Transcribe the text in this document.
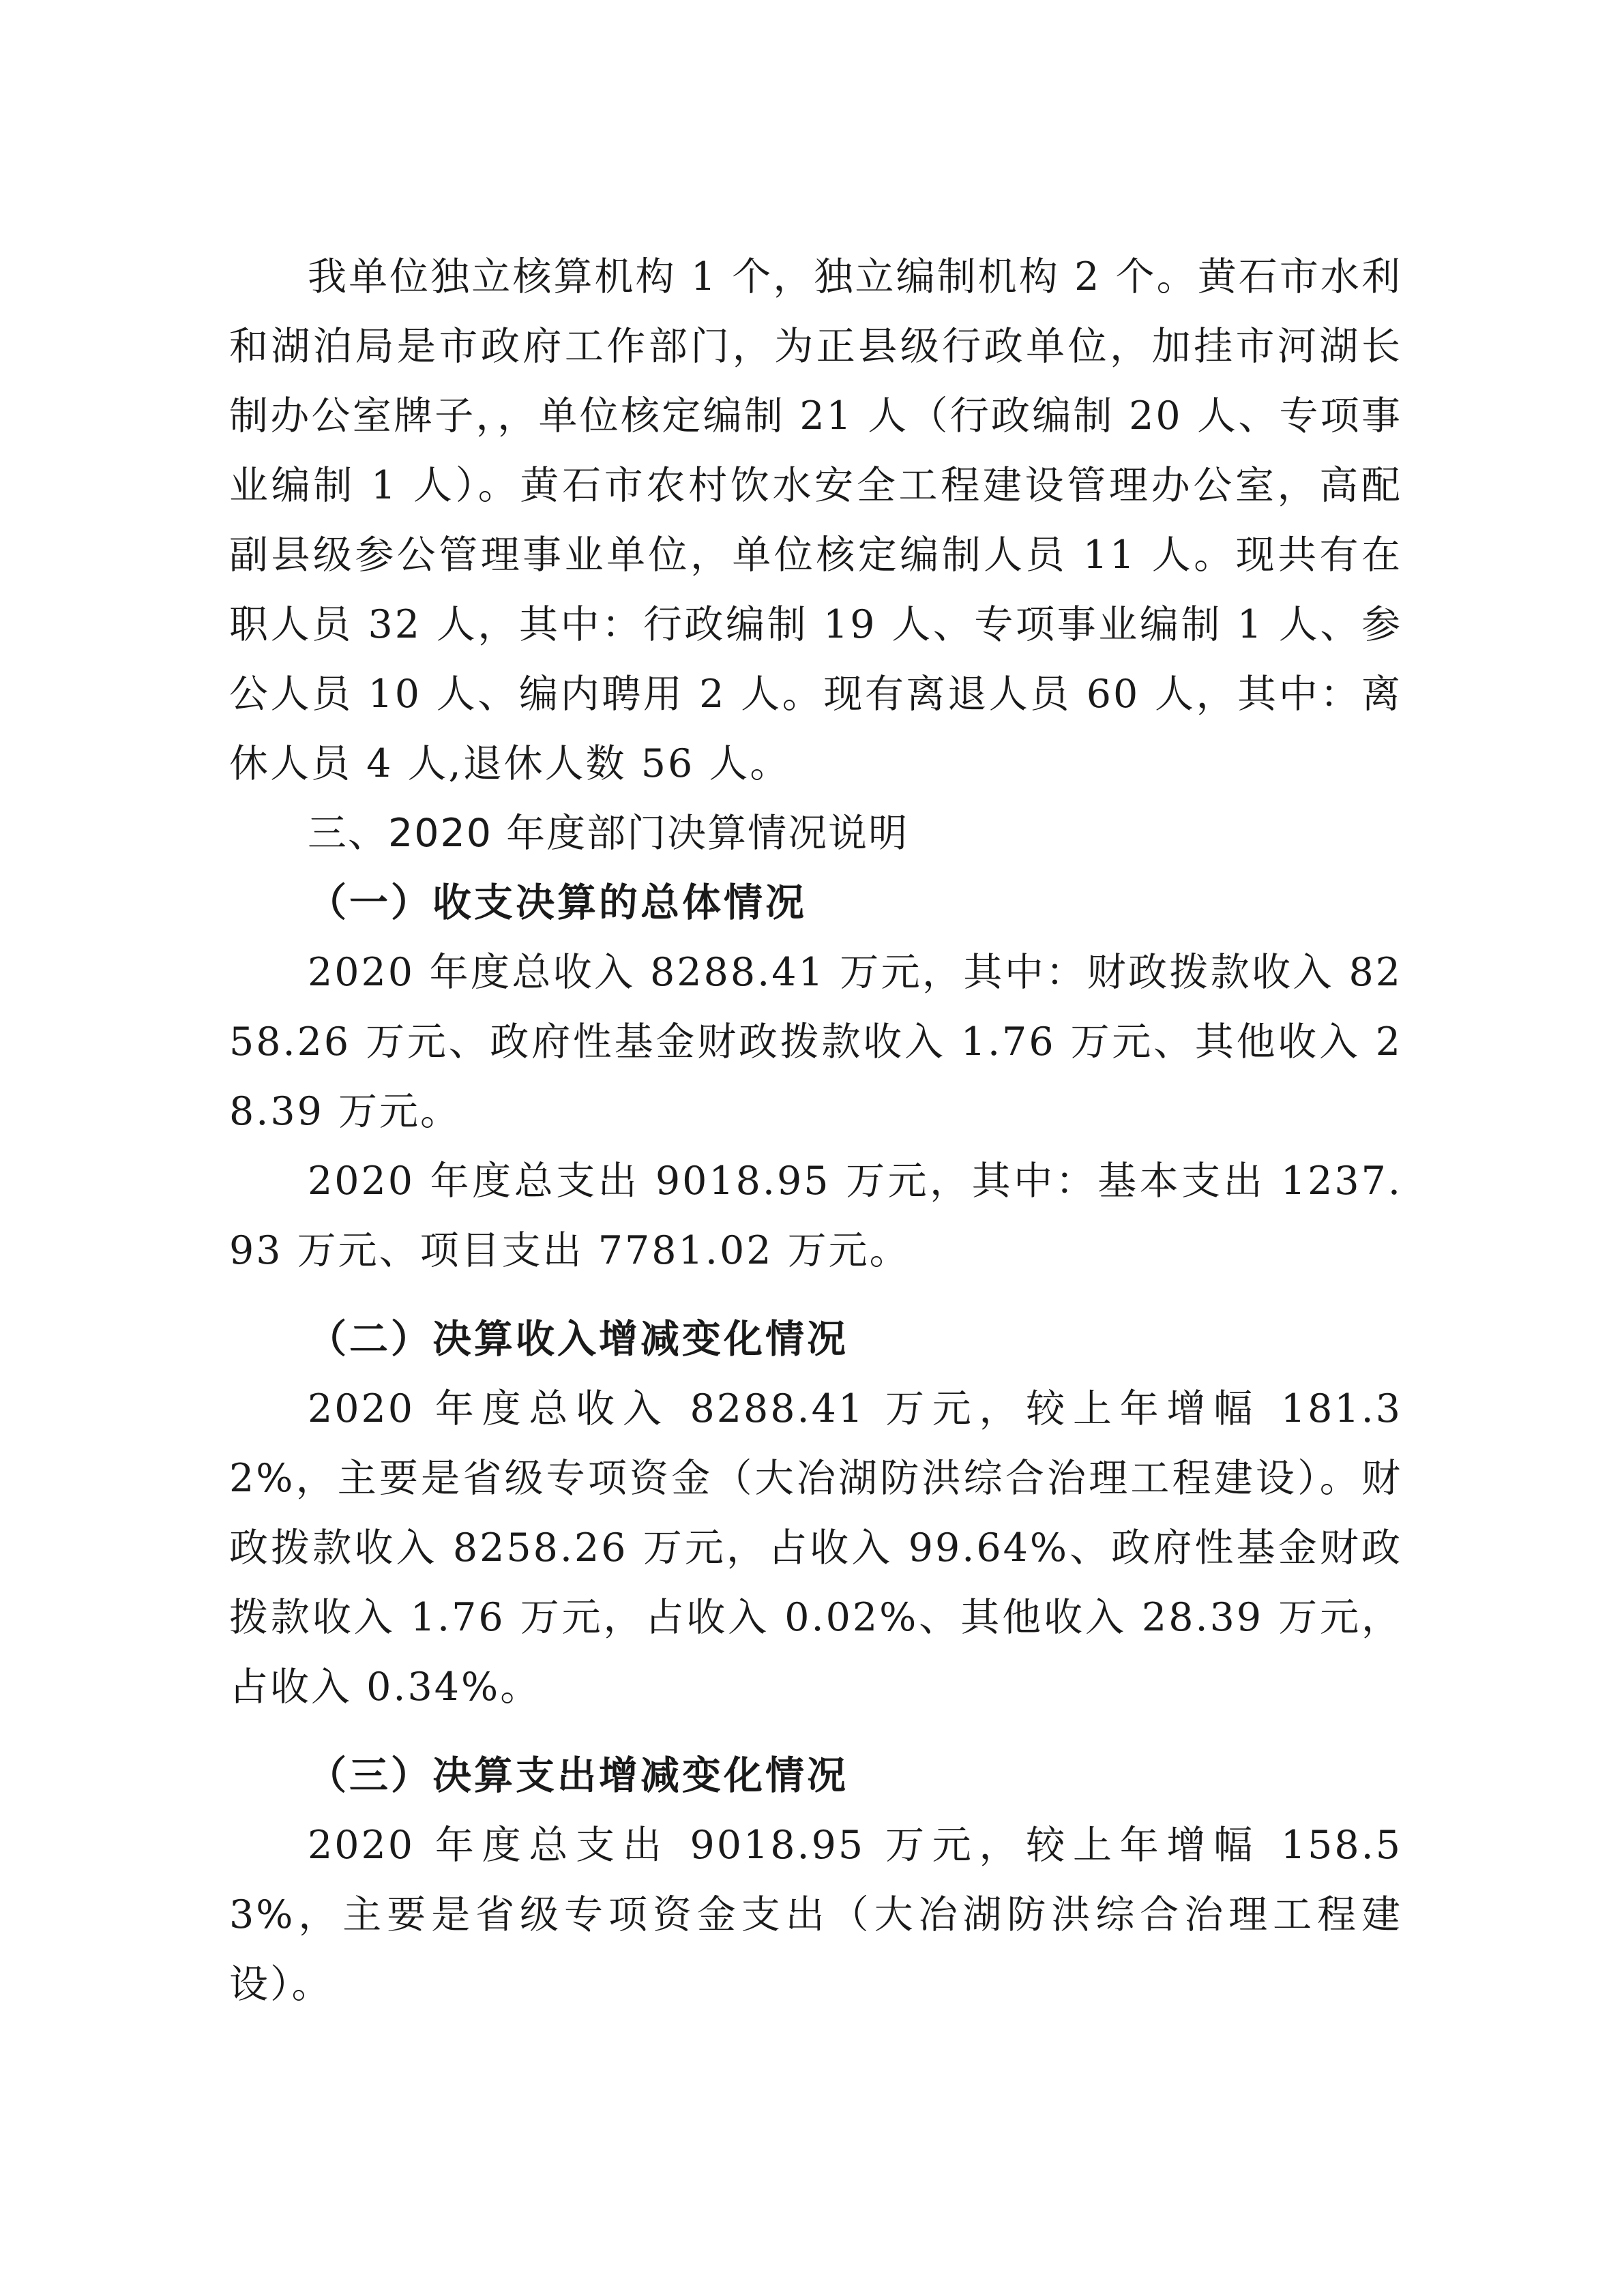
我单位独立核算机构 1 个，独立编制机构 2 个。黄石市水利和湖泊局是市政府工作部门，为正县级行政单位，加挂市河湖长制办公室牌子，，单位核定编制 21 人（行政编制 20 人、专项事业编制 1 人）。黄石市农村饮水安全工程建设管理办公室，高配副县级参公管理事业单位，单位核定编制人员 11 人。现共有在职人员 32 人，其中：行政编制 19 人、专项事业编制 1 人、参公人员 10 人、编内聘用 2 人。现有离退人员 60 人，其中：离休人员 4 人,退休人数 56 人。

三、2020 年度部门决算情况说明

（一）收支决算的总体情况

2020 年度总收入 8288.41 万元，其中：财政拨款收入 8258.26 万元、政府性基金财政拨款收入 1.76 万元、其他收入 28.39 万元。

2020 年度总支出 9018.95 万元，其中：基本支出 1237.93 万元、项目支出 7781.02 万元。

（二）决算收入增减变化情况

2020 年度总收入 8288.41 万元，较上年增幅 181.32%，主要是省级专项资金（大冶湖防洪综合治理工程建设）。财政拨款收入 8258.26 万元，占收入 99.64%、政府性基金财政拨款收入 1.76 万元，占收入 0.02%、其他收入 28.39 万元，占收入 0.34%。

（三）决算支出增减变化情况

2020 年度总支出 9018.95 万元，较上年增幅 158.53%，主要是省级专项资金支出（大冶湖防洪综合治理工程建设）。
